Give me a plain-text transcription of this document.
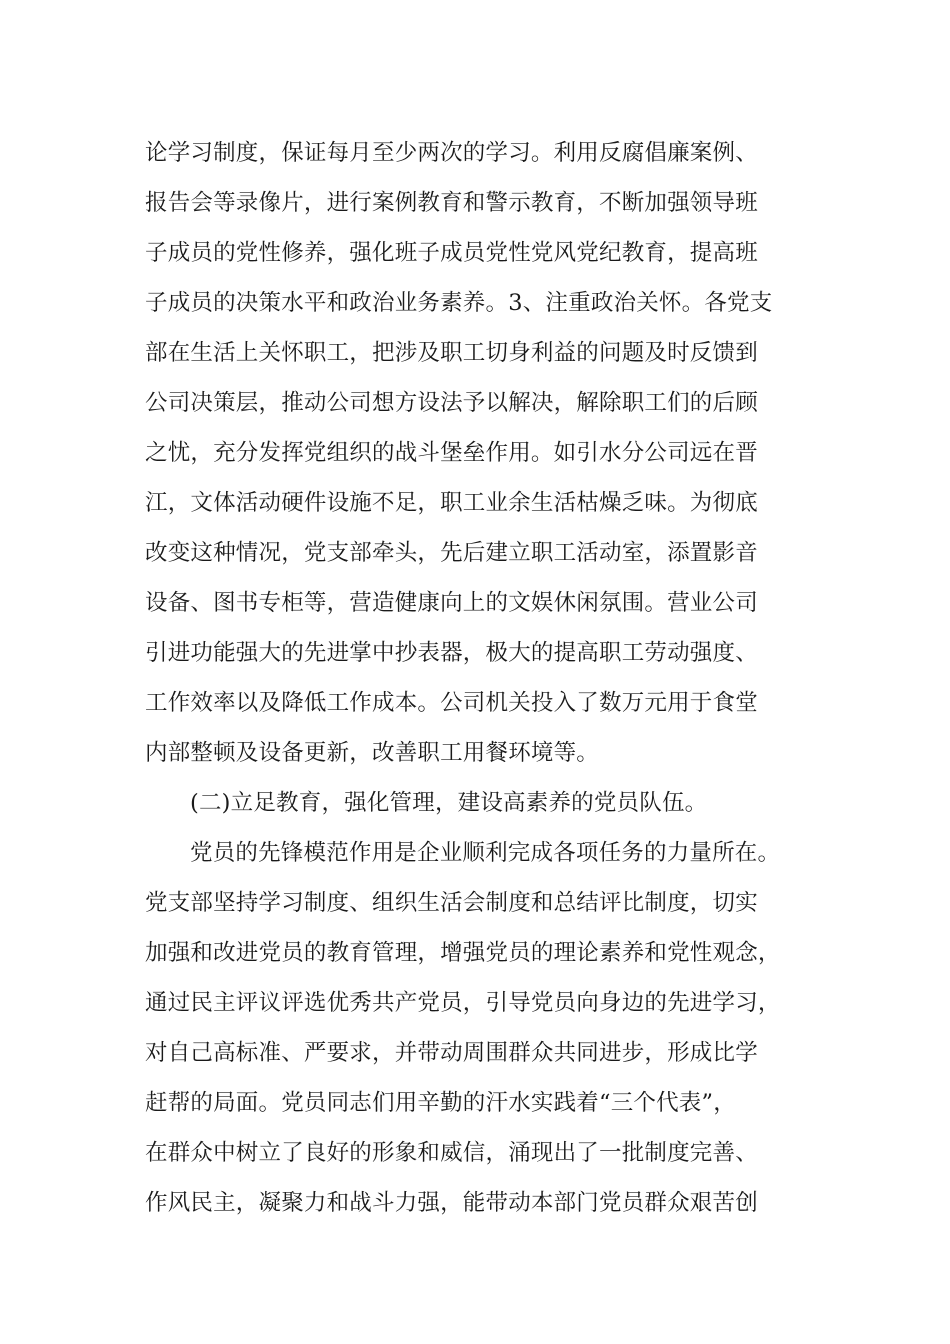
论学习制度，保证每月至少两次的学习。利用反腐倡廉案例、
报告会等录像片，进行案例教育和警示教育，不断加强领导班
子成员的党性修养，强化班子成员党性党风党纪教育，提高班
子成员的决策水平和政治业务素养。3、注重政治关怀。各党支
部在生活上关怀职工，把涉及职工切身利益的问题及时反馈到
公司决策层，推动公司想方设法予以解决，解除职工们的后顾
之忧，充分发挥党组织的战斗堡垒作用。如引水分公司远在晋
江，文体活动硬件设施不足，职工业余生活枯燥乏味。为彻底
改变这种情况，党支部牵头，先后建立职工活动室，添置影音
设备、图书专柜等，营造健康向上的文娱休闲氛围。营业公司
引进功能强大的先进掌中抄表器，极大的提高职工劳动强度、
工作效率以及降低工作成本。公司机关投入了数万元用于食堂
内部整顿及设备更新，改善职工用餐环境等。
(二)立足教育，强化管理，建设高素养的党员队伍。
党员的先锋模范作用是企业顺利完成各项任务的力量所在。
党支部坚持学习制度、组织生活会制度和总结评比制度，切实
加强和改进党员的教育管理，增强党员的理论素养和党性观念，
通过民主评议评选优秀共产党员，引导党员向身边的先进学习，
对自己高标准、严要求，并带动周围群众共同进步，形成比学
赶帮的局面。党员同志们用辛勤的汗水实践着“三个代表”，
在群众中树立了良好的形象和威信，涌现出了一批制度完善、
作风民主，凝聚力和战斗力强，能带动本部门党员群众艰苦创
